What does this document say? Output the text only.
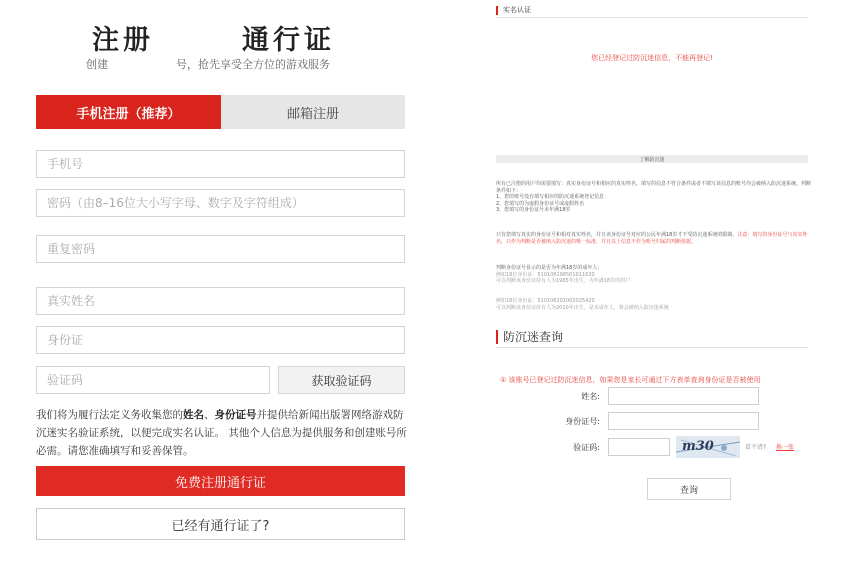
注册	通行证
创建	号，抢先享受全方位的游戏服务
手机注册（推荐）	邮箱注册
手机号
密码（由8–16位大小写字母、数字及字符组成）
重复密码
真实姓名
身份证
验证码
获取验证码
我们将为履行法定义务收集您的姓名、身份证号并提供给新闻出版署网络游戏防沉迷实名验证系统，以便完成实名认证。 其他个人信息为提供服务和创建账号所必需。请您准确填写和妥善保管。
免费注册通行证
已经有通行证了?
实名认证
您已经登记过防沉迷信息，不能再登记!
了解防沉迷
所有已注册的用户均需要填写：真实身份证号和相应的真实姓名。填写的信息不符合条件或者不填写该信息的账号均会被纳入防沉迷系统。判断条件如下：
1、您的账号没有填写相应的防沉迷系统登记信息
2、您填写的为虚假身份证号或虚假姓名
3、您填写的身份证号未年满18岁
只有您填写真实的身份证号和相对真实姓名，并且该身份证号对应的公民年满18岁才不受防沉迷系统的限制。注意：填写的身份证号与真实姓名，只作为判断是否被纳入防沉迷的唯一标准，并且以上信息不作为账号归属的判断依据。
判断身份证号显示的是否为年满18岁的成年人：
例如18位身份证：510106198501011630
可以判断该身份证持有人为1985年出生，为年满18岁的用户
例如18位身份证：510106201002025420
可以判断该身份证持有人为2010年出生，是未成年人，将会被纳入防沉迷系统
防沉迷查询
① 该账号已登记过防沉迷信息，如果您是家长可通过下方表单查询身份证是否被使用
姓名:
身份证号:
验证码:	m30	看不清? 换一张
查询
